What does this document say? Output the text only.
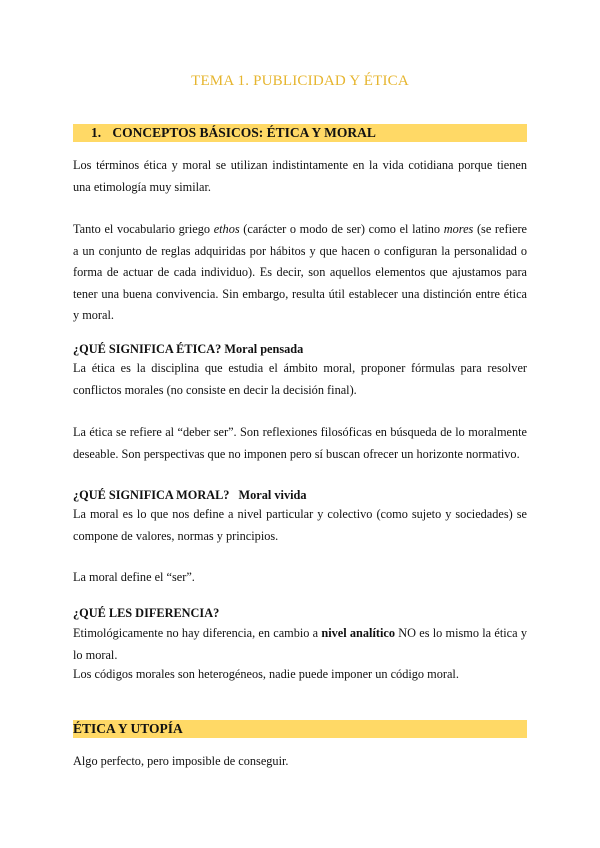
TEMA 1. PUBLICIDAD Y ÉTICA
1. CONCEPTOS BÁSICOS: ÉTICA Y MORAL
Los términos ética y moral se utilizan indistintamente en la vida cotidiana porque tienen una etimología muy similar.
Tanto el vocabulario griego ethos (carácter o modo de ser) como el latino mores (se refiere a un conjunto de reglas adquiridas por hábitos y que hacen o configuran la personalidad o forma de actuar de cada individuo). Es decir, son aquellos elementos que ajustamos para tener una buena convivencia. Sin embargo, resulta útil establecer una distinción entre ética y moral.
¿QUÉ SIGNIFICA ÉTICA? Moral pensada
La ética es la disciplina que estudia el ámbito moral, proponer fórmulas para resolver conflictos morales (no consiste en decir la decisión final).
La ética se refiere al “deber ser”. Son reflexiones filosóficas en búsqueda de lo moralmente deseable. Son perspectivas que no imponen pero sí buscan ofrecer un horizonte normativo.
¿QUÉ SIGNIFICA MORAL? Moral vivida
La moral es lo que nos define a nivel particular y colectivo (como sujeto y sociedades) se compone de valores, normas y principios.
La moral define el “ser”.
¿QUÉ LES DIFERENCIA?
Etimológicamente no hay diferencia, en cambio a nivel analítico NO es lo mismo la ética y lo moral.
Los códigos morales son heterogéneos, nadie puede imponer un código moral.
ÉTICA Y UTOPÍA
Algo perfecto, pero imposible de conseguir.
